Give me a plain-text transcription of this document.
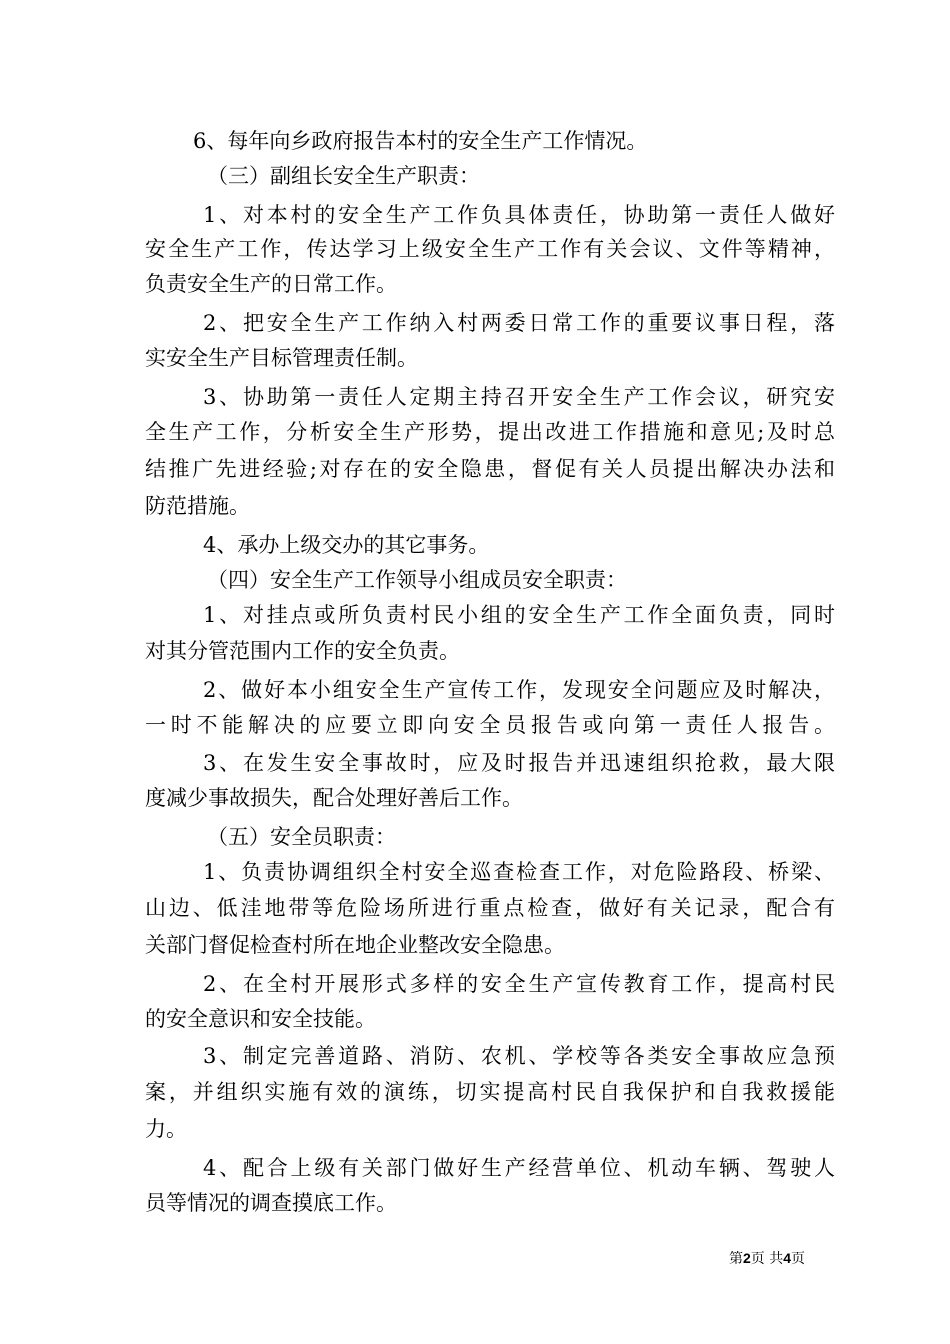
6、每年向乡政府报告本村的安全生产工作情况。
（三）副组长安全生产职责：
1、对本村的安全生产工作负具体责任，协助第一责任人做好
安全生产工作，传达学习上级安全生产工作有关会议、文件等精神，
负责安全生产的日常工作。
2、把安全生产工作纳入村两委日常工作的重要议事日程，落
实安全生产目标管理责任制。
3、协助第一责任人定期主持召开安全生产工作会议，研究安
全生产工作，分析安全生产形势，提出改进工作措施和意见;及时总
结推广先进经验;对存在的安全隐患，督促有关人员提出解决办法和
防范措施。
4、承办上级交办的其它事务。
（四）安全生产工作领导小组成员安全职责：
1、对挂点或所负责村民小组的安全生产工作全面负责，同时
对其分管范围内工作的安全负责。
2、做好本小组安全生产宣传工作，发现安全问题应及时解决，
一时不能解决的应要立即向安全员报告或向第一责任人报告。
3、在发生安全事故时，应及时报告并迅速组织抢救，最大限
度减少事故损失，配合处理好善后工作。
（五）安全员职责：
1、负责协调组织全村安全巡查检查工作，对危险路段、桥梁、
山边、低洼地带等危险场所进行重点检查，做好有关记录，配合有
关部门督促检查村所在地企业整改安全隐患。
2、在全村开展形式多样的安全生产宣传教育工作，提高村民
的安全意识和安全技能。
3、制定完善道路、消防、农机、学校等各类安全事故应急预
案，并组织实施有效的演练，切实提高村民自我保护和自我救援能
力。
4、配合上级有关部门做好生产经营单位、机动车辆、驾驶人
员等情况的调查摸底工作。
第2页 共4页
